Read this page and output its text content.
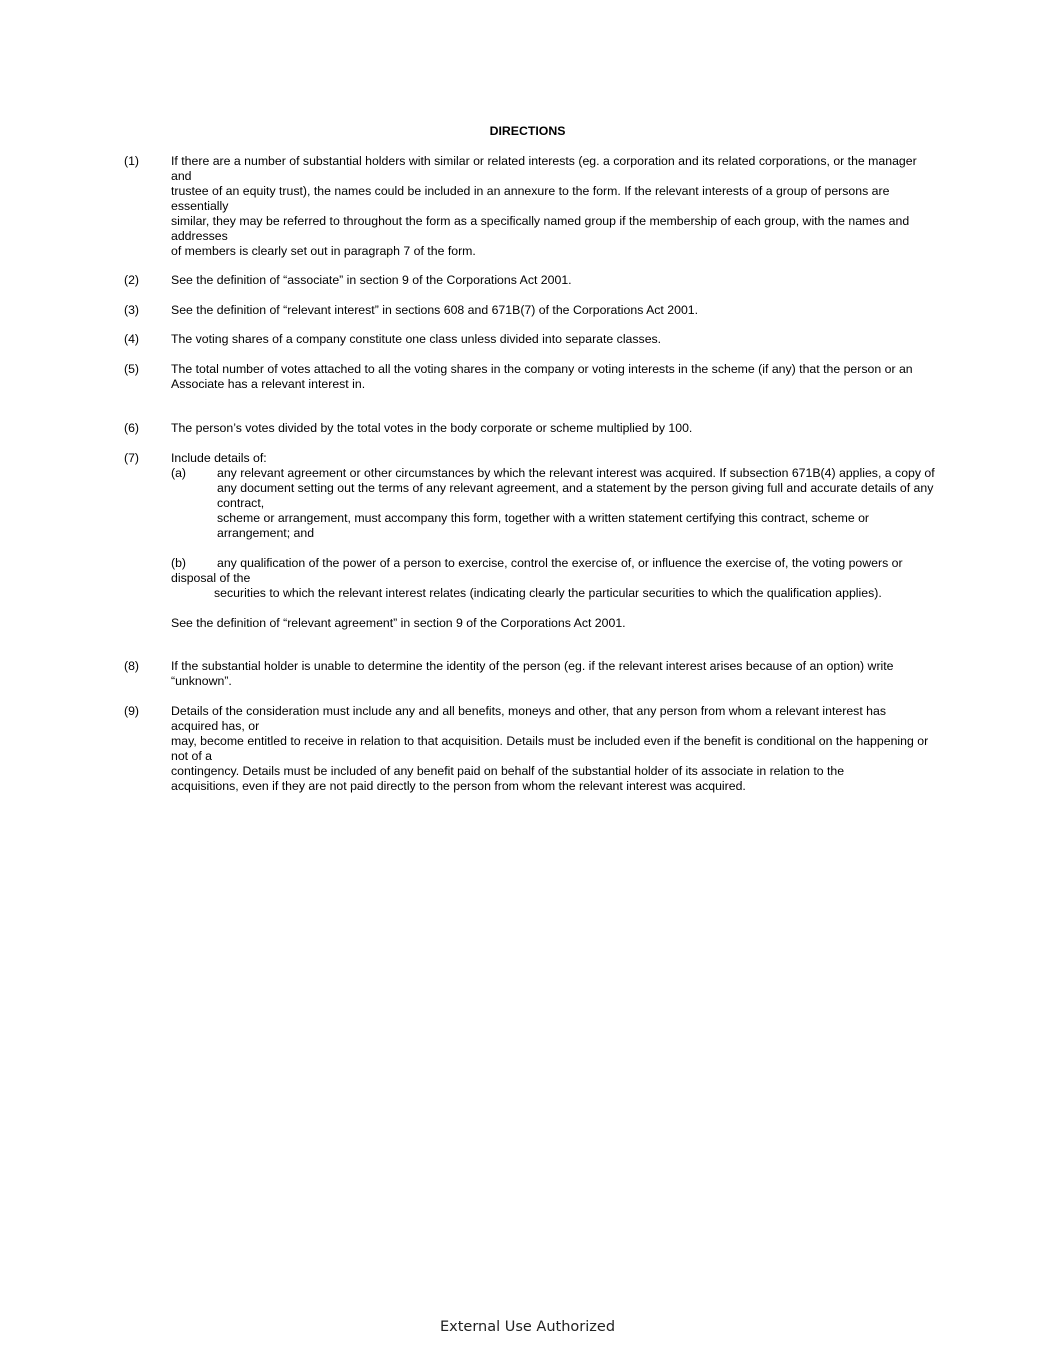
DIRECTIONS
(1)	If there are a number of substantial holders with similar or related interests (eg. a corporation and its related corporations, or the manager and
trustee of an equity trust), the names could be included in an annexure to the form. If the relevant interests of a group of persons are essentially
similar, they may be referred to throughout the form as a specifically named group if the membership of each group, with the names and addresses
of members is clearly set out in paragraph 7 of the form.
(2)	See the definition of “associate” in section 9 of the Corporations Act 2001.
(3)	See the definition of “relevant interest” in sections 608 and 671B(7) of the Corporations Act 2001.
(4)	The voting shares of a company constitute one class unless divided into separate classes.
(5)	The total number of votes attached to all the voting shares in the company or voting interests in the scheme (if any) that the person or an
Associate has a relevant interest in.
(6)	The person’s votes divided by the total votes in the body corporate or scheme multiplied by 100.
(7)	Include details of:
(a)	any relevant agreement or other circumstances by which the relevant interest was acquired. If subsection 671B(4) applies, a copy of
any document setting out the terms of any relevant agreement, and a statement by the person giving full and accurate details of any contract,
scheme or arrangement, must accompany this form, together with a written statement certifying this contract, scheme or arrangement; and
(b)	any qualification of the power of a person to exercise, control the exercise of, or influence the exercise of, the voting powers or disposal of the
securities to which the relevant interest relates (indicating clearly the particular securities to which the qualification applies).
See the definition of “relevant agreement” in section 9 of the Corporations Act 2001.
(8)	If the substantial holder is unable to determine the identity of the person (eg. if the relevant interest arises because of an option) write “unknown”.
(9)	Details of the consideration must include any and all benefits, moneys and other, that any person from whom a relevant interest has acquired has, or
may, become entitled to receive in relation to that acquisition. Details must be included even if the benefit is conditional on the happening or not of a
contingency. Details must be included of any benefit paid on behalf of the substantial holder of its associate in relation to the
acquisitions, even if they are not paid directly to the person from whom the relevant interest was acquired.
External Use Authorized
